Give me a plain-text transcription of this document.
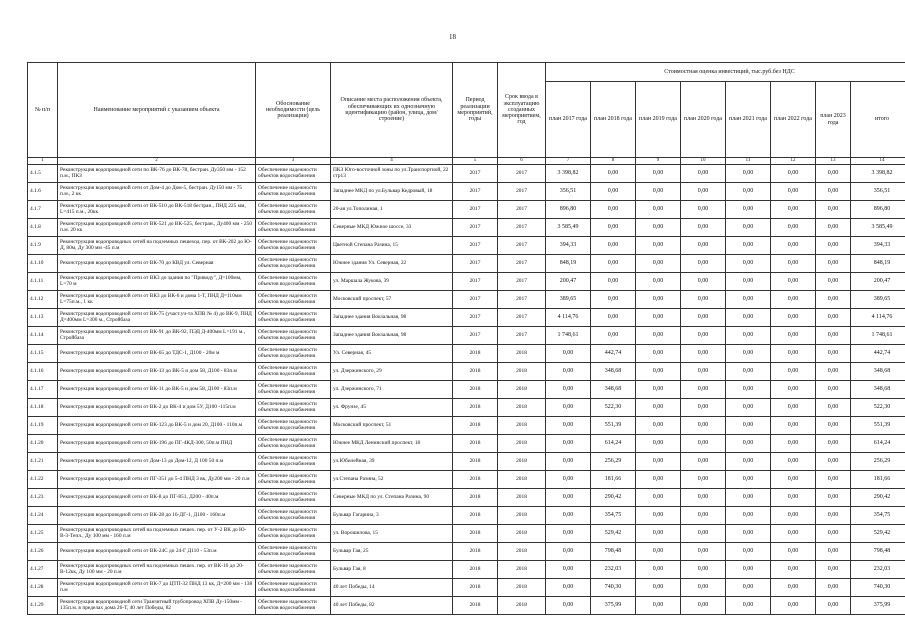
18
№ п/п	Наименование мероприятий с указанием объекта	Обоснование необходимости (цель реализации)	Описание места расположения объекта, обеспечивающих их однозначную идентификацию (район, улица, дом/строение)	Период реализации мероприятий, годы	Срок ввода в эксплуатацию созданных мероприятием, год	Стоимостная оценка инвестиций, тыс.руб.без НДС							
						план 2017 года	план 2018 года	план 2019 года	план 2020 года	план 2021 года	план 2022 года	план 2023 года	итого
1	2	3	4	5	6	7	8	9	10	11	12	13	14
4.1.5	Реконструкция водопроводной сети по ВК-76 до ВК-78, бестран. Ду350 мм - 152 п.м., ПКЗ	Обеспечение надежности объектов водоснабжения	ПКЗ Юго-восточной зоны по ул.Транспортной, 22 стр13	2017	2017	3 398,82	0,00	0,00	0,00	0,00	0,00	0,00	3 398,82
4.1.6	Реконструкция водопроводной сети от Дом-4 до Дом-5, бестран. Ду150 мм - 75 п.м., 2 кк	Обеспечение надежности объектов водоснабжения	Западнее МКД по ул.Бульвар Кедровый, 18	2017	2017	356,51	0,00	0,00	0,00	0,00	0,00	0,00	356,51
4.1.7	Реконструкция водопроводной сети от ВК-510 до ВК-518 бестран., ПНД 225 мм, L=415 п.м., 20кк	Обеспечение надежности объектов водоснабжения	20-ая ул.Тополиная, 1	2017	2017	896,80	0,00	0,00	0,00	0,00	0,00	0,00	896,80
4.1.8	Реконструкция водопроводной сети от ВК-521 до ВК-525, бестран., Ду400 мм - 250 п.м. 20 кк	Обеспечение надежности объектов водоснабжения	Северные МКД Южное шоссе, 33	2017	2017	3 585,49	0,00	0,00	0,00	0,00	0,00	0,00	3 585,49
4.1.9	Реконструкция водопроводных сетей на подземных пешеход. пер. от ВК-202 до Ю-Д, 80м, Ду 300 мм -45 п.м	Обеспечение надежности объектов водоснабжения	Цветной Степана Разина, 15	2017	2017	394,33	0,00	0,00	0,00	0,00	0,00	0,00	394,33
4.1.10	Реконструкция водопроводной сети от ВК-70 до КВД ул. Северная	Обеспечение надежности объектов водоснабжения	Южнее здания Ул. Северная, 22	2017	2017	848,19	0,00	0,00	0,00	0,00	0,00	0,00	848,19
4.1.11	Реконструкция водопроводной сети от ВК3 до здания по "Приводу", Д=100мм, L=70 м	Обеспечение надежности объектов водоснабжения	ул. Маршала Жукова, 39	2017	2017	200,47	0,00	0,00	0,00	0,00	0,00	0,00	200,47
4.1.12	Реконструкция водопроводной сети от ВК3 до ВК-6 и дома 1-Т, ПНД Д=110мм L=75п.м., 1 кк	Обеспечение надежности объектов водоснабжения	Московский проспект, 57	2017	2017	389,65	0,00	0,00	0,00	0,00	0,00	0,00	389,65
4.1.13	Реконструкция водопроводной сети от ВК-75 (участ.уч-та ХПВ № 4) до ВК-9, ПНД Д=400мм L=300 м., Стройбаза	Обеспечение надежности объектов водоснабжения	Западнее здания Вокзальная, 98	2017	2017	4 114,76	0,00	0,00	0,00	0,00	0,00	0,00	4 114,76
4.1.14	Реконструкция водопроводной сети от ВК-91 до ВК-92, ПЭД Д-400мм L=191 м., Стройбаза	Обеспечение надежности объектов водоснабжения	Западнее здания Вокзальная, 98	2017	2017	1 748,61	0,00	0,00	0,00	0,00	0,00	0,00	1 748,61
4.1.15	Реконструкция водопроводной сети от ВК-65 до ТДС-1, Д100 - 20м м	Обеспечение надежности объектов водоснабжения	Ул. Северная, 45	2018	2018	0,00	442,74	0,00	0,00	0,00	0,00	0,00	442,74
4.1.16	Реконструкция водопроводной сети от ВК-13 до ВК-5 и дом 58, Д100 - 83п.м	Обеспечение надежности объектов водоснабжения	ул. Дзержинского, 29	2018	2018	0,00	348,68	0,00	0,00	0,00	0,00	0,00	348,68
4.1.17	Реконструкция водопроводной сети от ВК-11 до ВК-5 и дом 58, Д100 - 83п.м	Обеспечение надежности объектов водоснабжения	ул. Дзержинского, 71	2018	2018	0,00	348,68	0,00	0,00	0,00	0,00	0,00	348,68
4.1.18	Реконструкция водопроводной сети от ВК-2 до ВК-4 и дом 5У, Д100 -115п.м	Обеспечение надежности объектов водоснабжения	ул. Фрунзе, 45	2018	2018	0,00	522,30	0,00	0,00	0,00	0,00	0,00	522,30
4.1.19	Реконструкция водопроводной сети от ВК-123 до ВК-5 и дом 20, Д100 - 110п.м	Обеспечение надежности объектов водоснабжения	Московский проспект, 51	2018	2018	0,00	551,39	0,00	0,00	0,00	0,00	0,00	551,39
4.1.20	Реконструкция водопроводной сети от ВК-196 до ПГ-4КД-300, 50п.м ПНД	Обеспечение надежности объектов водоснабжения	Южнее МКД Ленинский проспект, 18	2018	2018	0,00	614,24	0,00	0,00	0,00	0,00	0,00	614,24
4.1.21	Реконструкция водопроводной сети от Дом-13 до Дом-12, Д 100 50 п.м	Обеспечение надежности объектов водоснабжения	ул.Юбилейная, 39	2018	2018	0,00	256,29	0,00	0,00	0,00	0,00	0,00	256,29
4.1.22	Реконструкция водопроводной сети от ПГ-351 до 5-4 ПНД 3 вк, Ду200 мм - 20 п.м	Обеспечение надежности объектов водоснабжения	ул.Степана Разина, 52	2018	2018	0,00	181,66	0,00	0,00	0,00	0,00	0,00	181,66
4.1.23	Реконструкция водопроводной сети от ВК-8 до ПГ-851, Д200 - 40п.м	Обеспечение надежности объектов водоснабжения	Северные МКД по ул. Степана Разина, 90	2018	2018	0,00	290,42	0,00	0,00	0,00	0,00	0,00	290,42
4.1.24	Реконструкция водопроводной сети от ВК-28 до 16-ДГ-1, Д100 - 160п.м	Обеспечение надежности объектов водоснабжения	Бульвар Гагарина, 3	2018	2018	0,00	354,75	0,00	0,00	0,00	0,00	0,00	354,75
4.1.25	Реконструкция водопроводных сетей на подземных пешех. пер. от У-2 ВК до Ю-В-3-Тепл., Ду 100 мм - 160 п.м	Обеспечение надежности объектов водоснабжения	ул. Ворошилова, 15	2018	2018	0,00	529,42	0,00	0,00	0,00	0,00	0,00	529,42
4.1.26	Реконструкция водопроводной сети от ВК-24С до 24-Г Д110 - 53п.м	Обеспечение надежности объектов водоснабжения	Бульвар Гая, 25	2018	2018	0,00	798,48	0,00	0,00	0,00	0,00	0,00	798,48
4.1.27	Реконструкция водопроводных сетей на подземных пешех. пер. от ВК-16 до 20-В-12кк, Ду 100 мм - 20 п.м	Обеспечение надежности объектов водоснабжения	Бульвар Гая, 8	2018	2018	0,00	232,03	0,00	0,00	0,00	0,00	0,00	232,03
4.1.28	Реконструкция водопроводной сети от ВК-7 до ЦТП-32 ПНД 13 кк, Д=200 мм - 138 п.м	Обеспечение надежности объектов водоснабжения	40 лет Победы, 14	2018	2018	0,00	740,30	0,00	0,00	0,00	0,00	0,00	740,30
4.1.29	Реконструкция водопроводной сети Транзитный трубопровод ХПВ Ду-150мм - 135п.м. в пределах дома 26-Т, 40 лет Победы, 82	Обеспечение надежности объектов водоснабжения	40 лет Победы, 82	2018	2018	0,00	375,99	0,00	0,00	0,00	0,00	0,00	375,99
